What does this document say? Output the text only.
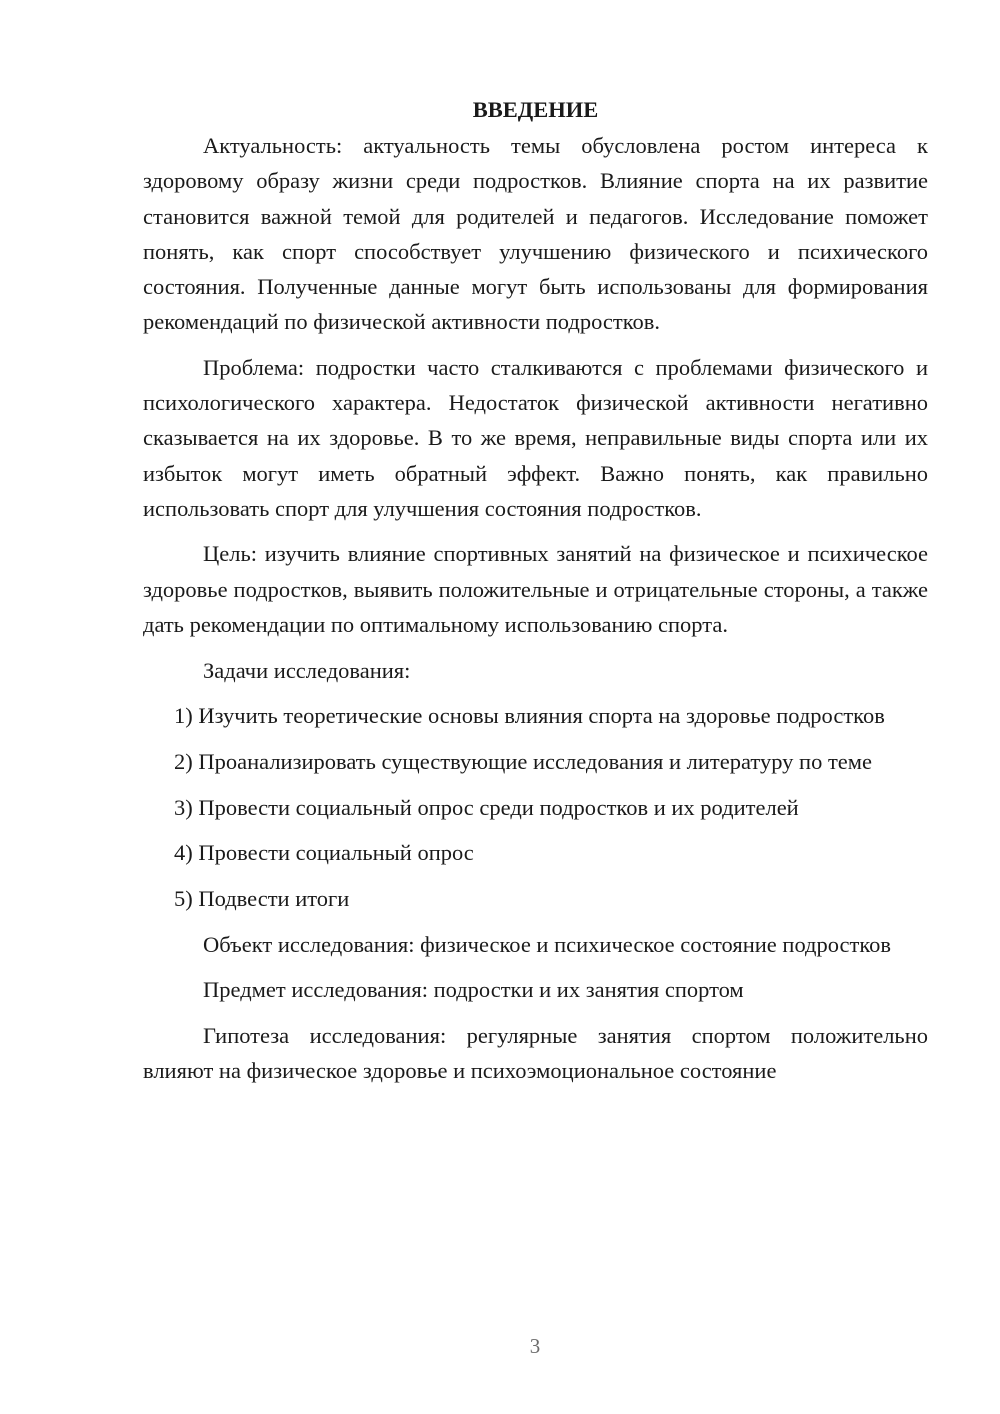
ВВЕДЕНИЕ

Актуальность: актуальность темы обусловлена ростом интереса к здоровому образу жизни среди подростков. Влияние спорта на их развитие становится важной темой для родителей и педагогов. Исследование поможет понять, как спорт способствует улучшению физического и психического состояния. Полученные данные могут быть использованы для формирования рекомендаций по физической активности подростков.

Проблема: подростки часто сталкиваются с проблемами физического и психологического характера. Недостаток физической активности негативно сказывается на их здоровье. В то же время, неправильные виды спорта или их избыток могут иметь обратный эффект. Важно понять, как правильно использовать спорт для улучшения состояния подростков.

Цель: изучить влияние спортивных занятий на физическое и психическое здоровье подростков, выявить положительные и отрицательные стороны, а также дать рекомендации по оптимальному использованию спорта.

Задачи исследования:

1) Изучить теоретические основы влияния спорта на здоровье подростков

2) Проанализировать существующие исследования и литературу по теме

3) Провести социальный опрос среди подростков и их родителей

4) Провести социальный опрос

5) Подвести итоги

Объект исследования: физическое и психическое состояние подростков

Предмет исследования: подростки и их занятия спортом

Гипотеза исследования: регулярные занятия спортом положительно влияют на физическое здоровье и психоэмоциональное состояние

3
